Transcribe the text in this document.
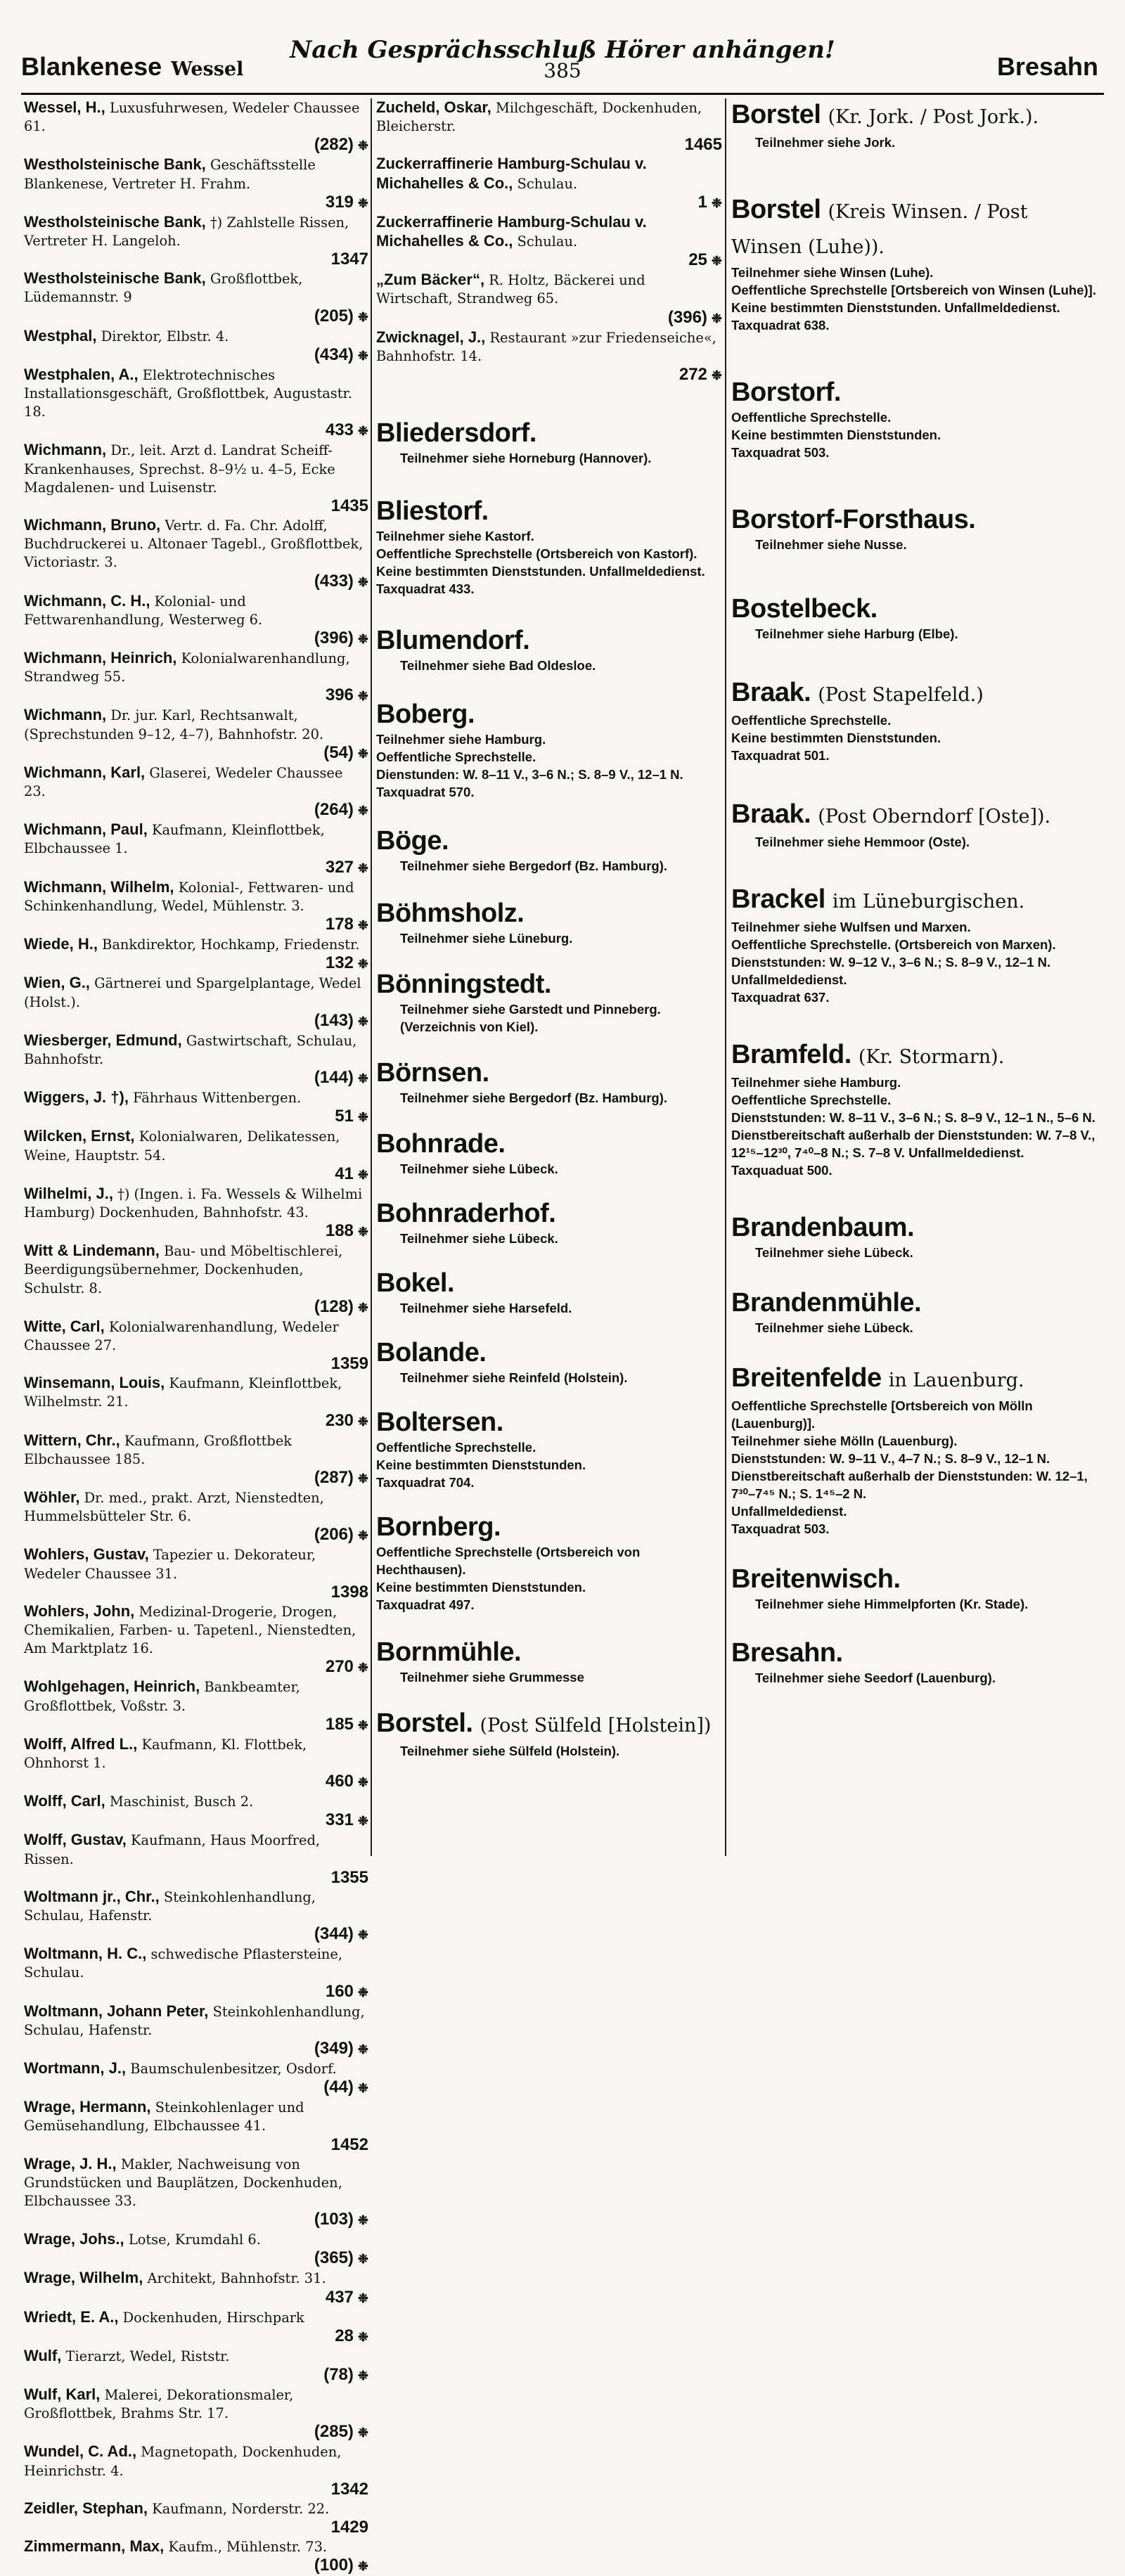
Blankenese Wessel
Nach Gesprächsschluß Hörer anhängen!
385	Bresahn
Wessel, H., Luxusfuhrwesen, Wedeler Chaussee 61.
(282) ❉
Westholsteinische Bank, Geschäftsstelle Blankenese, Vertreter H. Frahm.
319 ❉
Westholsteinische Bank, †) Zahlstelle Rissen, Vertreter H. Langeloh.
1347
Westholsteinische Bank, Großflottbek, Lüdemannstr. 9
(205) ❉
Westphal, Direktor, Elbstr. 4.
(434) ❉
Westphalen, A., Elektrotechnisches Installationsgeschäft, Großflottbek, Augustastr. 18.
433 ❉
Wichmann, Dr., leit. Arzt d. Landrat Scheiff-Krankenhauses, Sprechst. 8–9½ u. 4–5, Ecke Magdalenen- und Luisenstr.
1435
Wichmann, Bruno, Vertr. d. Fa. Chr. Adolff, Buchdruckerei u. Altonaer Tagebl., Großflottbek, Victoriastr. 3.
(433) ❉
Wichmann, C. H., Kolonial- und Fettwarenhandlung, Westerweg 6.
(396) ❉
Wichmann, Heinrich, Kolonialwarenhandlung, Strandweg 55.
396 ❉
Wichmann, Dr. jur. Karl, Rechtsanwalt, (Sprechstunden 9–12, 4–7), Bahnhofstr. 20.
(54) ❉
Wichmann, Karl, Glaserei, Wedeler Chaussee 23.
(264) ❉
Wichmann, Paul, Kaufmann, Kleinflottbek, Elbchaussee 1.
327 ❉
Wichmann, Wilhelm, Kolonial-, Fettwaren- und Schinkenhandlung, Wedel, Mühlenstr. 3.
178 ❉
Wiede, H., Bankdirektor, Hochkamp, Friedenstr.
132 ❉
Wien, G., Gärtnerei und Spargelplantage, Wedel (Holst.).
(143) ❉
Wiesberger, Edmund, Gastwirtschaft, Schulau, Bahnhofstr.
(144) ❉
Wiggers, J. †), Fährhaus Wittenbergen.
51 ❉
Wilcken, Ernst, Kolonialwaren, Delikatessen, Weine, Hauptstr. 54.
41 ❉
Wilhelmi, J., †) (Ingen. i. Fa. Wessels & Wilhelmi Hamburg) Dockenhuden, Bahnhofstr. 43.
188 ❉
Witt & Lindemann, Bau- und Möbeltischlerei, Beerdigungsübernehmer, Dockenhuden, Schulstr. 8.
(128) ❉
Witte, Carl, Kolonialwarenhandlung, Wedeler Chaussee 27.
1359
Winsemann, Louis, Kaufmann, Kleinflottbek, Wilhelmstr. 21.
230 ❉
Wittern, Chr., Kaufmann, Großflottbek Elbchaussee 185.
(287) ❉
Wöhler, Dr. med., prakt. Arzt, Nienstedten, Hummelsbütteler Str. 6.
(206) ❉
Wohlers, Gustav, Tapezier u. Dekorateur, Wedeler Chaussee 31.
1398
Wohlers, John, Medizinal-Drogerie, Drogen, Chemikalien, Farben- u. Tapetenl., Nienstedten, Am Marktplatz 16.
270 ❉
Wohlgehagen, Heinrich, Bankbeamter, Großflottbek, Voßstr. 3.
185 ❉
Wolff, Alfred L., Kaufmann, Kl. Flottbek, Ohnhorst 1.
460 ❉
Wolff, Carl, Maschinist, Busch 2.
331 ❉
Wolff, Gustav, Kaufmann, Haus Moorfred, Rissen.
1355
Woltmann jr., Chr., Steinkohlenhandlung, Schulau, Hafenstr.
(344) ❉
Woltmann, H. C., schwedische Pflastersteine, Schulau.
160 ❉
Woltmann, Johann Peter, Steinkohlenhandlung, Schulau, Hafenstr.
(349) ❉
Wortmann, J., Baumschulenbesitzer, Osdorf.
(44) ❉
Wrage, Hermann, Steinkohlenlager und Gemüsehandlung, Elbchaussee 41.
1452
Wrage, J. H., Makler, Nachweisung von Grundstücken und Bauplätzen, Dockenhuden, Elbchaussee 33.
(103) ❉
Wrage, Johs., Lotse, Krumdahl 6.
(365) ❉
Wrage, Wilhelm, Architekt, Bahnhofstr. 31.
437 ❉
Wriedt, E. A., Dockenhuden, Hirschpark
28 ❉
Wulf, Tierarzt, Wedel, Riststr.
(78) ❉
Wulf, Karl, Malerei, Dekorationsmaler, Großflottbek, Brahms Str. 17.
(285) ❉
Wundel, C. Ad., Magnetopath, Dockenhuden, Heinrichstr. 4.
1342
Zeidler, Stephan, Kaufmann, Norderstr. 22.
1429
Zimmermann, Max, Kaufm., Mühlenstr. 73.
(100) ❉
Zucheld, Oskar, Milchgeschäft, Dockenhuden, Bleicherstr.
1465
Zuckerraffinerie Hamburg-Schulau v. Michahelles & Co., Schulau.
1 ❉
Zuckerraffinerie Hamburg-Schulau v. Michahelles & Co., Schulau.
25 ❉
„Zum Bäcker“, R. Holtz, Bäckerei und Wirtschaft, Strandweg 65.
(396) ❉
Zwicknagel, J., Restaurant »zur Friedenseiche«, Bahnhofstr. 14.
272 ❉
Bliedersdorf.
Teilnehmer siehe Horneburg (Hannover).
Bliestorf.
Teilnehmer siehe Kastorf.
Oeffentliche Sprechstelle (Ortsbereich von Kastorf).
Keine bestimmten Dienststunden. Unfallmeldedienst.
Taxquadrat 433.
Blumendorf.
Teilnehmer siehe Bad Oldesloe.
Boberg.
Teilnehmer siehe Hamburg.
Oeffentliche Sprechstelle.
Dienstunden: W. 8–11 V., 3–6 N.; S. 8–9 V., 12–1 N.
Taxquadrat 570.
Böge.
Teilnehmer siehe Bergedorf (Bz. Hamburg).
Böhmsholz.
Teilnehmer siehe Lüneburg.
Bönningstedt.
Teilnehmer siehe Garstedt und Pinneberg. (Verzeichnis von Kiel).
Börnsen.
Teilnehmer siehe Bergedorf (Bz. Hamburg).
Bohnrade.
Teilnehmer siehe Lübeck.
Bohnraderhof.
Teilnehmer siehe Lübeck.
Bokel.
Teilnehmer siehe Harsefeld.
Bolande.
Teilnehmer siehe Reinfeld (Holstein).
Boltersen.
Oeffentliche Sprechstelle.
Keine bestimmten Dienststunden.
Taxquadrat 704.
Bornberg.
Oeffentliche Sprechstelle (Ortsbereich von Hechthausen).
Keine bestimmten Dienststunden.
Taxquadrat 497.
Bornmühle.
Teilnehmer siehe Grummesse
Borstel. (Post Sülfeld [Holstein])
Teilnehmer siehe Sülfeld (Holstein).
Borstel (Kr. Jork. / Post Jork.).
Teilnehmer siehe Jork.
Borstel (Kreis Winsen. / Post Winsen (Luhe)).
Teilnehmer siehe Winsen (Luhe).
Oeffentliche Sprechstelle [Ortsbereich von Winsen (Luhe)].
Keine bestimmten Dienststunden. Unfallmeldedienst.
Taxquadrat 638.
Borstorf.
Oeffentliche Sprechstelle.
Keine bestimmten Dienststunden.
Taxquadrat 503.
Borstorf-Forsthaus.
Teilnehmer siehe Nusse.
Bostelbeck.
Teilnehmer siehe Harburg (Elbe).
Braak. (Post Stapelfeld.)
Oeffentliche Sprechstelle.
Keine bestimmten Dienststunden.
Taxquadrat 501.
Braak. (Post Oberndorf [Oste]).
Teilnehmer siehe Hemmoor (Oste).
Brackel im Lüneburgischen.
Teilnehmer siehe Wulfsen und Marxen.
Oeffentliche Sprechstelle. (Ortsbereich von Marxen).
Dienststunden: W. 9–12 V., 3–6 N.; S. 8–9 V., 12–1 N. Unfallmeldedienst.
Taxquadrat 637.
Bramfeld. (Kr. Stormarn).
Teilnehmer siehe Hamburg.
Oeffentliche Sprechstelle.
Dienststunden: W. 8–11 V., 3–6 N.; S. 8–9 V., 12–1 N., 5–6 N.
Dienstbereitschaft außerhalb der Dienststunden: W. 7–8 V., 12¹⁵–12³⁰, 7⁴⁰–8 N.; S. 7–8 V. Unfallmeldedienst.
Taxquaduat 500.
Brandenbaum.
Teilnehmer siehe Lübeck.
Brandenmühle.
Teilnehmer siehe Lübeck.
Breitenfelde in Lauenburg.
Oeffentliche Sprechstelle [Ortsbereich von Mölln (Lauenburg)].
Teilnehmer siehe Mölln (Lauenburg).
Dienststunden: W. 9–11 V., 4–7 N.; S. 8–9 V., 12–1 N.
Dienstbereitschaft außerhalb der Dienststunden: W. 12–1, 7³⁰–7⁴⁵ N.; S. 1⁴⁵–2 N.
Unfallmeldedienst.
Taxquadrat 503.
Breitenwisch.
Teilnehmer siehe Himmelpforten (Kr. Stade).
Bresahn.
Teilnehmer siehe Seedorf (Lauenburg).
